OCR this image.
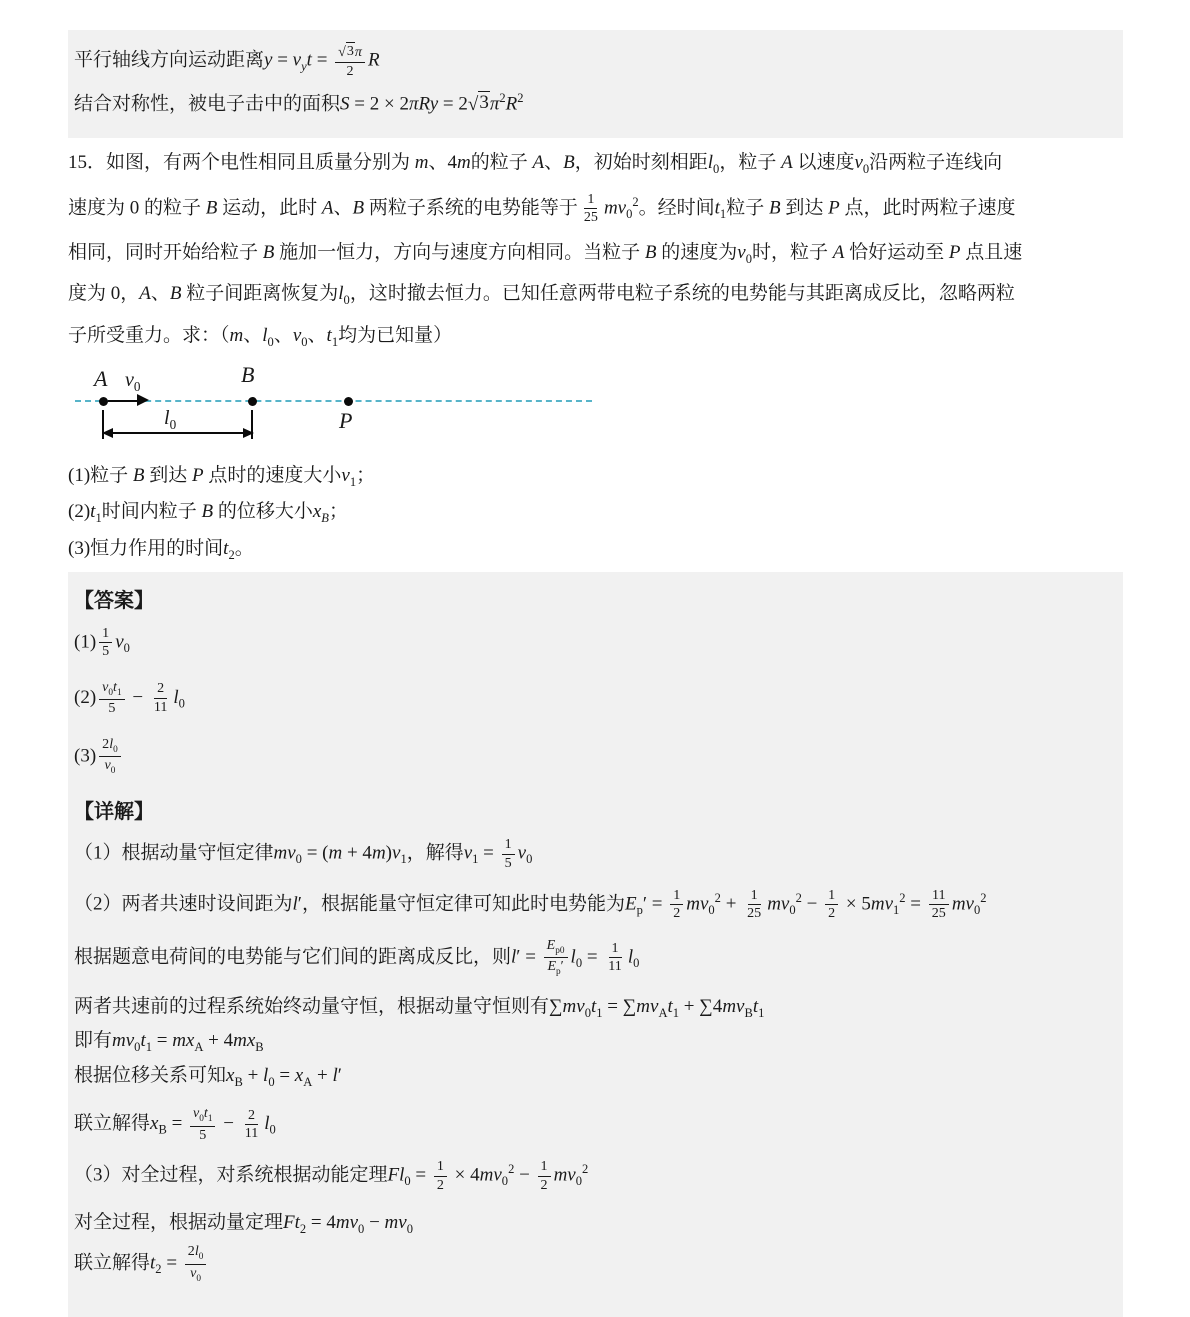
平行轴线方向运动距离$y = v_yt = \frac{√ 3 \pi}{2}$ R
结合对称性，被电子击中的面积S = 2 × 2πRy = 2 √ 3 $\pi^2R^2$
15．如图，有两个电性相同且质量分别为 m、4m的粒子 A、B，初始时刻相距$l_0$，粒子 A 以速度$v_0$沿两粒子连线向
速度为 0 的粒子 B 运动，此时 A、B 两粒子系统的电势能等于 $\frac{1}{25} mv_0^2$。经时间$t_1$粒子 B 到达 P 点，此时两粒子速度
相同，同时开始给粒子 B 施加一恒力，方向与速度方向相同。当粒子 B 的速度为$v_0$时，粒子 A 恰好运动至 P 点且速
度为 0，A、B 粒子间距离恢复为$l_0$，这时撤去恒力。已知任意两带电粒子系统的电势能与其距离成反比，忽略两粒
子所受重力。求：（m、$l_0$、$v_0$、$t_1$均为已知量）
A	B
P
$v_0$
$l_0$
(1)粒子 B 到达 P 点时的速度大小$v_1$；
$(2)t_1$时间内粒子 B 的位移大小$x_B$；
(3)恒力作用的时间$t_2$。
【答案】
$(1) \frac{1}{5} v_0$
$(2) \frac{v_0t_1}{5} - \frac{2}{11} l_0$
$(3) \frac{2l_0}{v_0}$
【详解】
（1）根据动量守恒定律$mv_0 = (m + 4m)v_1$，解得$v_1 = \frac{1}{5} v_0$
（2）两者共速时设间距为l′，根据能量守恒定律可知此时电势能为$E_p' = \frac{1}{2} mv_0^2 + \frac{1}{25} mv_0^2 - \frac{1}{2} \times 5mv_1^2 = \frac{11}{25} mv_0^2$
根据题意电荷间的电势能与它们间的距离成反比，则$l' = \frac{E_{p0}}{E_p'} l_0 = \frac{1}{11} l_0$
两者共速前的过程系统始终动量守恒，根据动量守恒则有$\sum mv_0t_1 = \sum mv_At_1 + \sum 4mv_Bt_1$
即有$mv_0t_1 = mx_A + 4mx_B$
根据位移关系可知$x_B + l_0 = x_A + l'$
联立解得$x_B = \frac{v_0t_1}{5} - \frac{2}{11} l_0$
（3）对全过程，对系统根据动能定理$Fl_0 = \frac{1}{2} \times 4mv_0^2 - \frac{1}{2} mv_0^2$
对全过程，根据动量定理$Ft_2 = 4mv_0 - mv_0$
联立解得$t_2 = \frac{2l_0}{v_0}$
